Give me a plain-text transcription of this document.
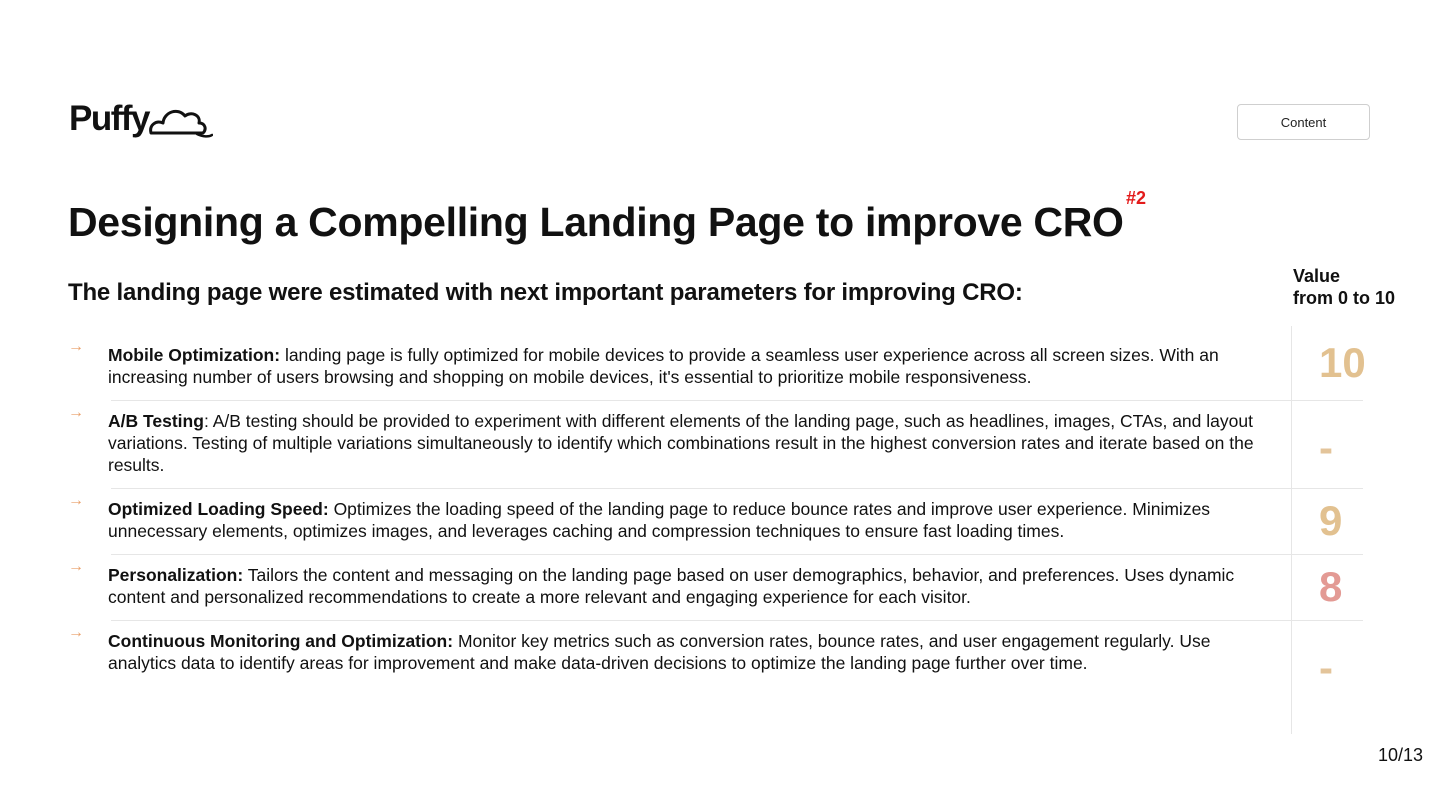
Puffy	Content
Designing a Compelling Landing Page to improve CRO
#2
The landing page were estimated with next important parameters for improving CRO:
Value
from 0 to 10
→ Mobile Optimization: landing page is fully optimized for mobile devices to provide a seamless user experience across all screen sizes. With an increasing number of users browsing and shopping on mobile devices, it's essential to prioritize mobile responsiveness.	10
→ A/B Testing: A/B testing should be provided to experiment with different elements of the landing page, such as headlines, images, CTAs, and layout variations. Testing of multiple variations simultaneously to identify which combinations result in the highest conversion rates and iterate based on the results.	-
→ Optimized Loading Speed: Optimizes the loading speed of the landing page to reduce bounce rates and improve user experience. Minimizes unnecessary elements, optimizes images, and leverages caching and compression techniques to ensure fast loading times.	9
→ Personalization: Tailors the content and messaging on the landing page based on user demographics, behavior, and preferences. Uses dynamic content and personalized recommendations to create a more relevant and engaging experience for each visitor.	8
→ Continuous Monitoring and Optimization: Monitor key metrics such as conversion rates, bounce rates, and user engagement regularly. Use analytics data to identify areas for improvement and make data-driven decisions to optimize the landing page further over time.	-
10/13
